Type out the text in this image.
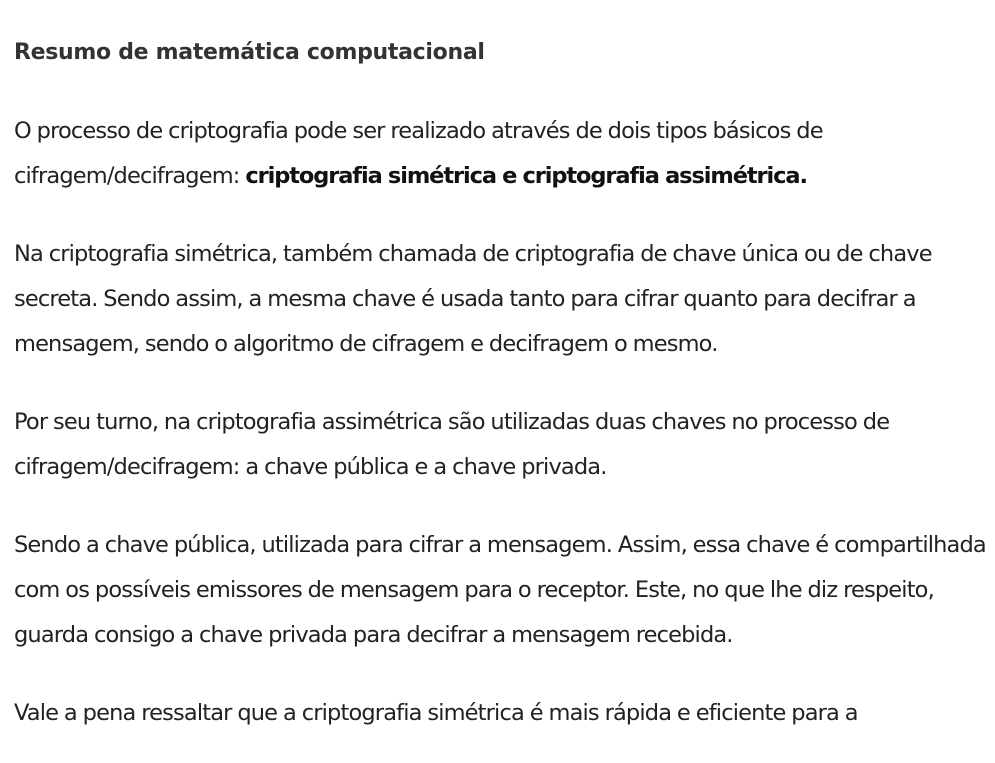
Resumo de matemática computacional

O processo de criptografia pode ser realizado através de dois tipos básicos de cifragem/decifragem: criptografia simétrica e criptografia assimétrica.

Na criptografia simétrica, também chamada de criptografia de chave única ou de chave secreta. Sendo assim, a mesma chave é usada tanto para cifrar quanto para decifrar a mensagem, sendo o algoritmo de cifragem e decifragem o mesmo.

Por seu turno, na criptografia assimétrica são utilizadas duas chaves no processo de cifragem/decifragem: a chave pública e a chave privada.

Sendo a chave pública, utilizada para cifrar a mensagem. Assim, essa chave é compartilhada com os possíveis emissores de mensagem para o receptor. Este, no que lhe diz respeito, guarda consigo a chave privada para decifrar a mensagem recebida.

Vale a pena ressaltar que a criptografia simétrica é mais rápida e eficiente para a
